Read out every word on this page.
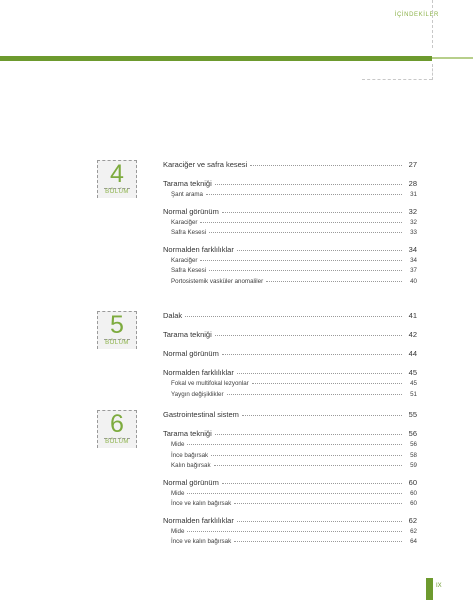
İÇİNDEKİLER
4
BÖLÜM
Karaciğer ve safra kesesi	27
Tarama tekniği	28
Şant arama	31
Normal görünüm	32
Karaciğer	32
Safra Kesesi	33
Normalden farklılıklar	34
Karaciğer	34
Safra Kesesi	37
Portosistemik vasküler anomaliler	40
5
BÖLÜM
Dalak	41
Tarama tekniği	42
Normal görünüm	44
Normalden farklılıklar	45
Fokal ve multifokal lezyonlar	45
Yaygın değişiklikler	51
6
BÖLÜM
Gastrointestinal sistem	55
Tarama tekniği	56
Mide	56
İnce bağırsak	58
Kalın bağırsak	59
Normal görünüm	60
Mide	60
İnce ve kalın bağırsak	60
Normalden farklılıklar	62
Mide	62
İnce ve kalın bağırsak	64
IX
